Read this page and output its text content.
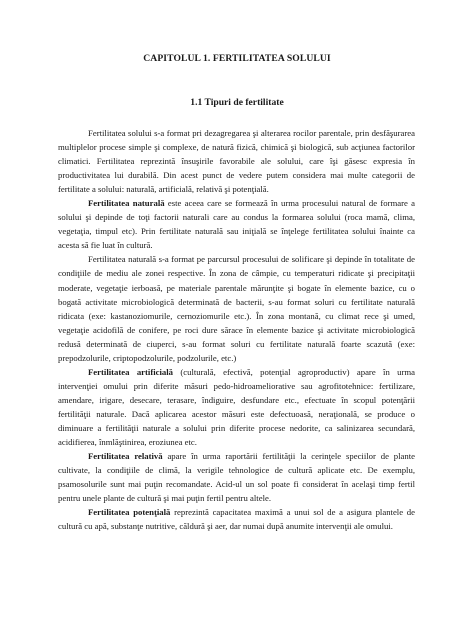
CAPITOLUL 1. FERTILITATEA SOLULUI
1.1 Tipuri de fertilitate

Fertilitatea solului s-a format pri dezagregarea şi alterarea rocilor parentale, prin desfăşurarea multiplelor procese simple şi complexe, de natură fizică, chimică şi biologică, sub acţiunea factorilor climatici. Fertilitatea reprezintă însuşirile favorabile ale solului, care îşi găsesc expresia în productivitatea lui durabilă. Din acest punct de vedere putem considera mai multe categorii de fertilitate a solului: naturală, artificială, relativă şi potenţială.

Fertilitatea naturală este aceea care se formează în urma procesului natural de formare a solului şi depinde de toţi factorii naturali care au condus la formarea solului (roca mamă, clima, vegetaţia, timpul etc). Prin fertilitate naturală sau iniţială se înţelege fertilitatea solului înainte ca acesta să fie luat în cultură.

Fertilitatea naturală s-a format pe parcursul procesului de solificare şi depinde în totalitate de condiţiile de mediu ale zonei respective. În zona de câmpie, cu temperaturi ridicate şi precipitaţii moderate, vegetaţie ierboasă, pe materiale parentale mărunţite şi bogate în elemente bazice, cu o bogată activitate microbiologică determinată de bacterii, s-au format soluri cu fertilitate naturală ridicata (exe: kastanoziomurile, cernoziomurile etc.). În zona montană, cu climat rece şi umed, vegetaţie acidofilă de conifere, pe roci dure sărace în elemente bazice şi activitate microbiologică redusă determinată de ciuperci, s-au format soluri cu fertilitate naturală foarte scazută (exe: prepodzolurile, criptopodzolurile, podzolurile, etc.)

Fertilitatea artificială (culturală, efectivă, potenţial agroproductiv) apare în urma intervenţiei omului prin diferite măsuri pedo-hidroameliorative sau agrofitotehnice: fertilizare, amendare, irigare, desecare, terasare, îndiguire, desfundare etc., efectuate în scopul potenţării fertilităţii naturale. Dacă aplicarea acestor măsuri este defectuoasă, neraţională, se produce o diminuare a fertilităţii naturale a solului prin diferite procese nedorite, ca salinizarea secundară, acidifierea, înmlăştinirea, eroziunea etc.

Fertilitatea relativă apare în urma raportării fertilităţii la cerinţele speciilor de plante cultivate, la condiţiile de climă, la verigile tehnologice de cultură aplicate etc. De exemplu, psamosolurile sunt mai puţin recomandate. Acid-ul un sol poate fi considerat în acelaşi timp fertil pentru unele plante de cultură şi mai puţin fertil pentru altele.

Fertilitatea potenţială reprezintă capacitatea maximă a unui sol de a asigura plantele de cultură cu apă, substanţe nutritive, căldură şi aer, dar numai după anumite intervenţii ale omului.
